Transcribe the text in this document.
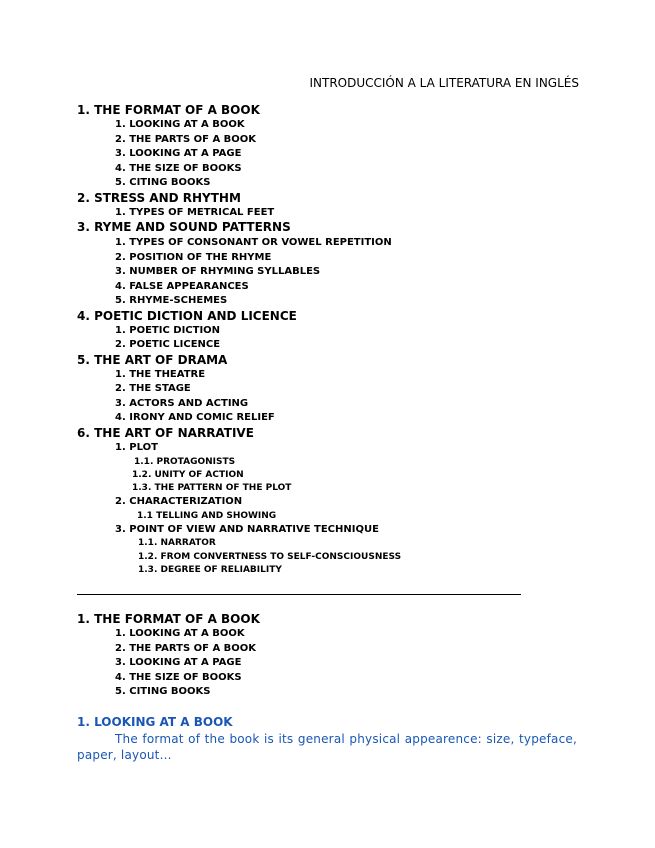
INTRODUCCIÓN A LA LITERATURA EN INGLÉS
1. THE FORMAT OF A BOOK
1. LOOKING AT A BOOK
2. THE PARTS OF A BOOK
3. LOOKING AT A PAGE
4. THE SIZE OF BOOKS
5. CITING BOOKS
2. STRESS AND RHYTHM
1. TYPES OF METRICAL FEET
3. RYME AND SOUND PATTERNS
1. TYPES OF CONSONANT OR VOWEL REPETITION
2. POSITION OF THE RHYME
3. NUMBER OF RHYMING SYLLABLES
4. FALSE APPEARANCES
5. RHYME-SCHEMES
4. POETIC DICTION AND LICENCE
1. POETIC DICTION
2. POETIC LICENCE
5. THE ART OF DRAMA
1. THE THEATRE
2. THE STAGE
3. ACTORS AND ACTING
4. IRONY AND COMIC RELIEF
6. THE ART OF NARRATIVE
1. PLOT
1.1. PROTAGONISTS
1.2. UNITY OF ACTION
1.3. THE PATTERN OF THE PLOT
2. CHARACTERIZATION
1.1 TELLING AND SHOWING
3. POINT OF VIEW AND NARRATIVE TECHNIQUE
1.1. NARRATOR
1.2. FROM CONVERTNESS TO SELF-CONSCIOUSNESS
1.3. DEGREE OF RELIABILITY
1. THE FORMAT OF A BOOK
1. LOOKING AT A BOOK
2. THE PARTS OF A BOOK
3. LOOKING AT A PAGE
4. THE SIZE OF BOOKS
5. CITING BOOKS
1. LOOKING AT A BOOK
The format of the book is its general physical appearence: size, typeface, paper, layout...
